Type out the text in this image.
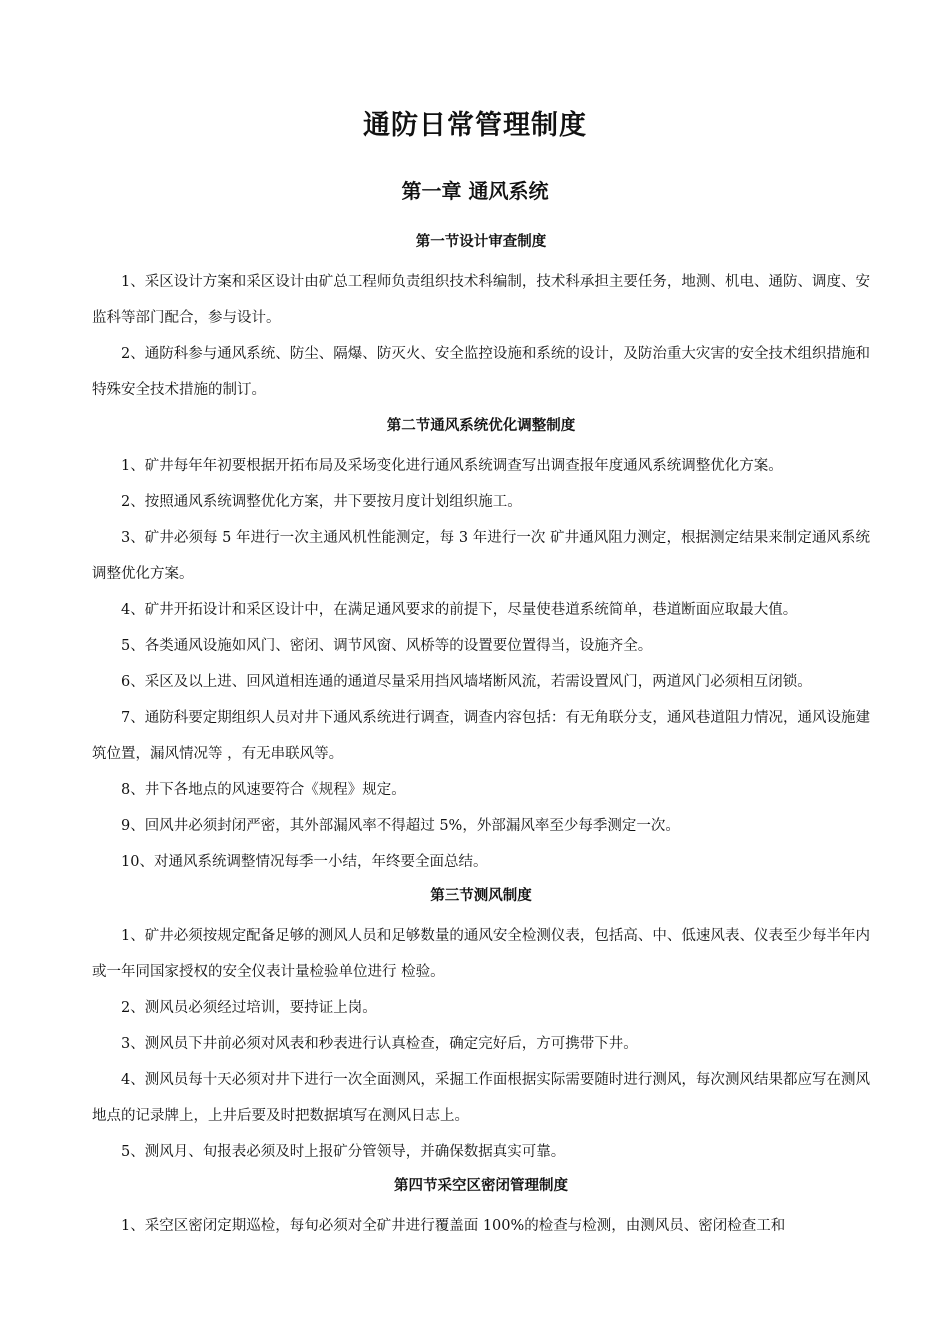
通防日常管理制度
第一章 通风系统
第一节设计审查制度

1、采区设计方案和采区设计由矿总工程师负责组织技术科编制，技术科承担主要任务，地测、机电、通防、调度、安监科等部门配合，参与设计。

2、通防科参与通风系统、防尘、隔爆、防灭火、安全监控设施和系统的设计，及防治重大灾害的安全技术组织措施和特殊安全技术措施的制订。

第二节通风系统优化调整制度

1、矿井每年年初要根据开拓布局及采场变化进行通风系统调查写出调查报年度通风系统调整优化方案。

2、按照通风系统调整优化方案，井下要按月度计划组织施工。

3、矿井必须每 5 年进行一次主通风机性能测定，每 3 年进行一次 矿井通风阻力测定，根据测定结果来制定通风系统调整优化方案。

4、矿井开拓设计和采区设计中，在满足通风要求的前提下，尽量使巷道系统简单，巷道断面应取最大值。

5、各类通风设施如风门、密闭、调节风窗、风桥等的设置要位置得当，设施齐全。

6、采区及以上进、回风道相连通的通道尽量采用挡风墙堵断风流，若需设置风门，两道风门必须相互闭锁。

7、通防科要定期组织人员对井下通风系统进行调查，调查内容包括：有无角联分支，通风巷道阻力情况，通风设施建筑位置，漏风情况等 ，有无串联风等。

8、井下各地点的风速要符合《规程》规定。

9、回风井必须封闭严密，其外部漏风率不得超过 5%，外部漏风率至少每季测定一次。

10、对通风系统调整情况每季一小结，年终要全面总结。

第三节测风制度

1、矿井必须按规定配备足够的测风人员和足够数量的通风安全检测仪表，包括高、中、低速风表、仪表至少每半年内或一年同国家授权的安全仪表计量检验单位进行 检验。

2、测风员必须经过培训，要持证上岗。

3、测风员下井前必须对风表和秒表进行认真检查，确定完好后，方可携带下井。

4、测风员每十天必须对井下进行一次全面测风，采掘工作面根据实际需要随时进行测风，每次测风结果都应写在测风地点的记录牌上，上井后要及时把数据填写在测风日志上。

5、测风月、旬报表必须及时上报矿分管领导，并确保数据真实可靠。

第四节采空区密闭管理制度

1、采空区密闭定期巡检，每旬必须对全矿井进行覆盖面 100%的检查与检测，由测风员、密闭检查工和
